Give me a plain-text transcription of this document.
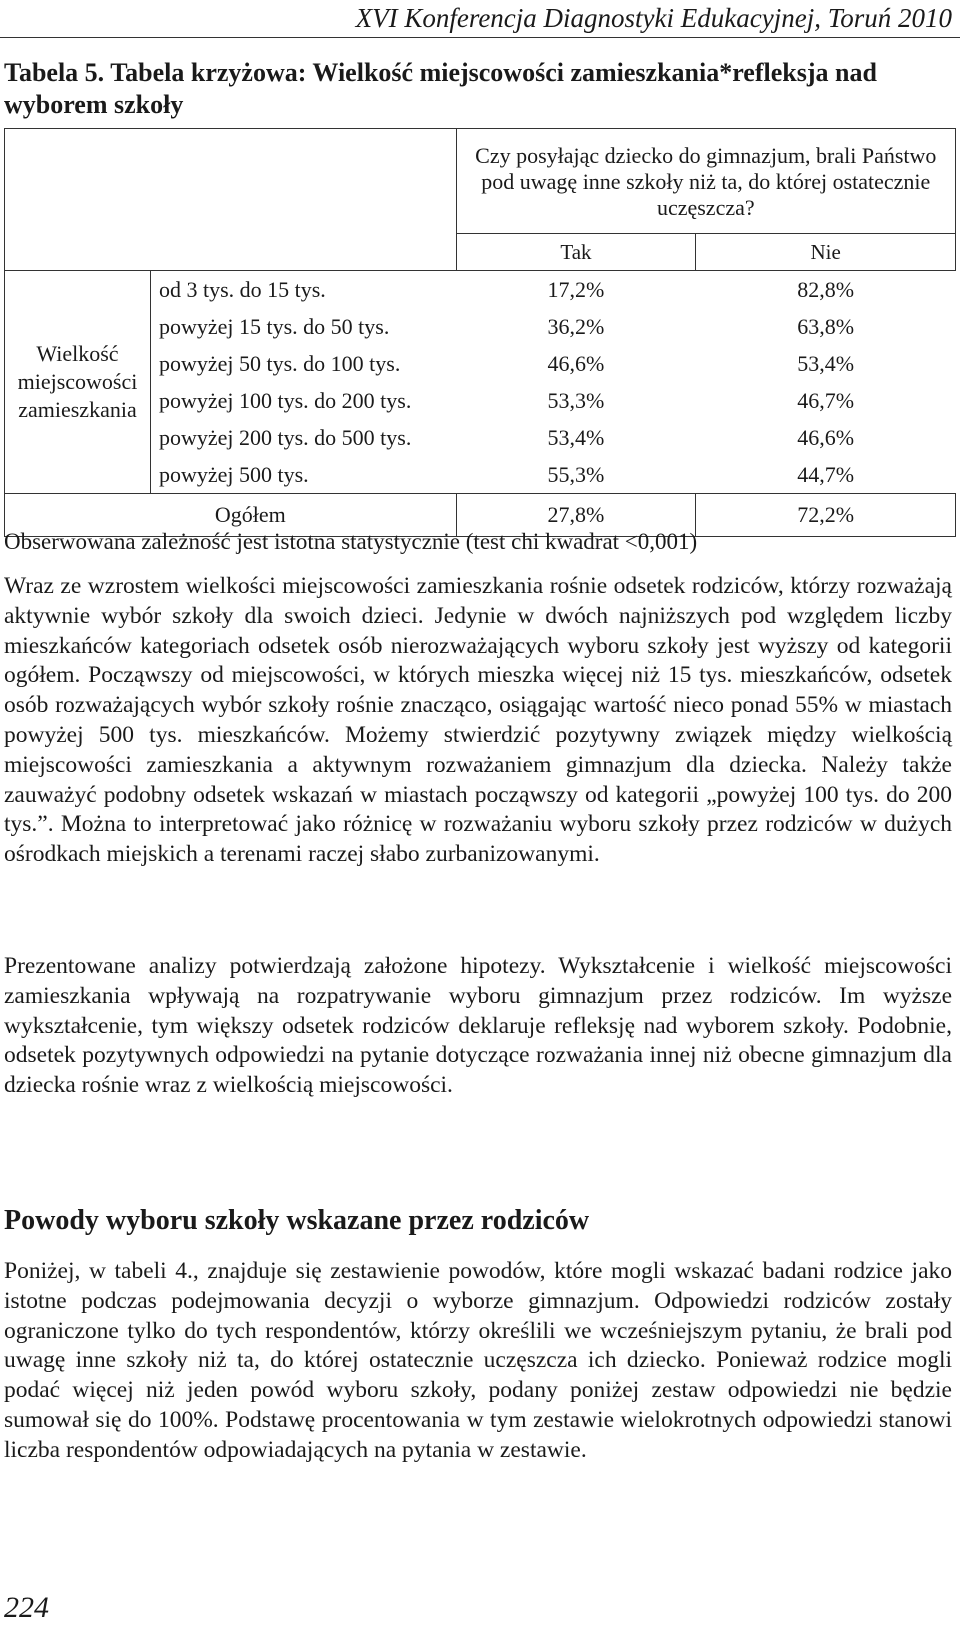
XVI Konferencja Diagnostyki Edukacyjnej, Toruń 2010
Tabela 5. Tabela krzyżowa: Wielkość miejscowości zamieszkania*refleksja nad wyborem szkoły
		Czy posyłając dziecko do gimnazjum, brali Państwo pod uwagę inne szkoły niż ta, do której ostatecznie uczęszcza?	
		Tak	Nie
Wielkość miejscowości zamieszkania	od 3 tys. do 15 tys.	17,2%	82,8%
	powyżej 15 tys. do 50 tys.	36,2%	63,8%
	powyżej 50 tys. do 100 tys.	46,6%	53,4%
	powyżej 100 tys. do 200 tys.	53,3%	46,7%
	powyżej 200 tys. do 500 tys.	53,4%	46,6%
	powyżej 500 tys.	55,3%	44,7%
Ogółem		27,8%	72,2%
Obserwowana zależność jest istotna statystycznie (test chi kwadrat <0,001)

Wraz ze wzrostem wielkości miejscowości zamieszkania rośnie odsetek rodziców, którzy rozważają aktywnie wybór szkoły dla swoich dzieci. Jedynie w dwóch najniższych pod względem liczby mieszkańców kategoriach odsetek osób nierozważających wyboru szkoły jest wyższy od kategorii ogółem. Począwszy od miejscowości, w których mieszka więcej niż 15 tys. mieszkańców, odsetek osób rozważających wybór szkoły rośnie znacząco, osiągając wartość nieco ponad 55% w miastach powyżej 500 tys. mieszkańców. Możemy stwierdzić pozytywny związek między wielkością miejscowości zamieszkania a aktywnym rozważaniem gimnazjum dla dziecka. Należy także zauważyć podobny odsetek wskazań w miastach począwszy od kategorii „powyżej 100 tys. do 200 tys.”. Można to interpretować jako różnicę w rozważaniu wyboru szkoły przez rodziców w dużych ośrodkach miejskich a terenami raczej słabo zurbanizowanymi.

Prezentowane analizy potwierdzają założone hipotezy. Wykształcenie i wielkość miejscowości zamieszkania wpływają na rozpatrywanie wyboru gimnazjum przez rodziców. Im wyższe wykształcenie, tym większy odsetek rodziców deklaruje refleksję nad wyborem szkoły. Podobnie, odsetek pozytywnych odpowiedzi na pytanie dotyczące rozważania innej niż obecne gimnazjum dla dziecka rośnie wraz z wielkością miejscowości.

Powody wyboru szkoły wskazane przez rodziców

Poniżej, w tabeli 4., znajduje się zestawienie powodów, które mogli wskazać badani rodzice jako istotne podczas podejmowania decyzji o wyborze gimnazjum. Odpowiedzi rodziców zostały ograniczone tylko do tych respondentów, którzy określili we wcześniejszym pytaniu, że brali pod uwagę inne szkoły niż ta, do której ostatecznie uczęszcza ich dziecko. Ponieważ rodzice mogli podać więcej niż jeden powód wyboru szkoły, podany poniżej zestaw odpowiedzi nie będzie sumował się do 100%. Podstawę procentowania w tym zestawie wielokrotnych odpowiedzi stanowi liczba respondentów odpowiadających na pytania w zestawie.

224
